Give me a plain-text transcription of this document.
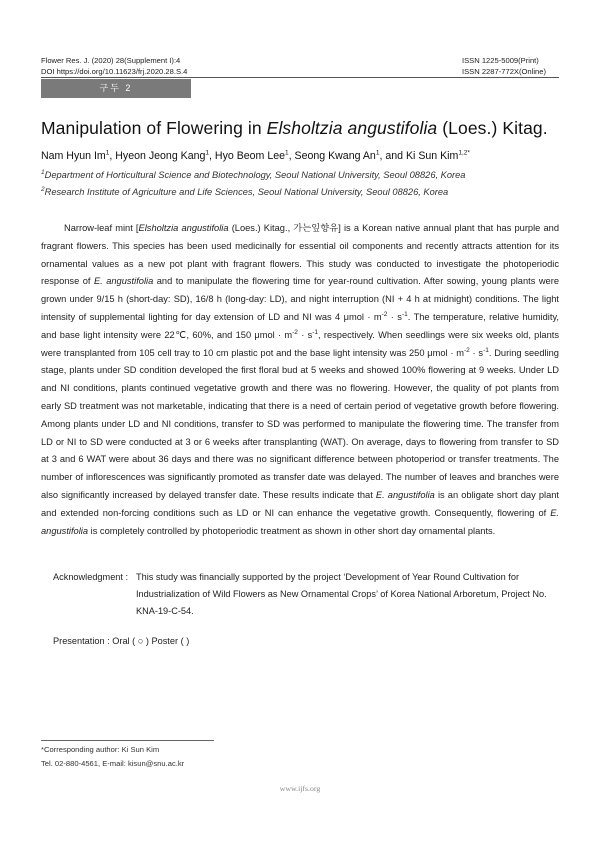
Flower Res. J. (2020) 28(Supplement I):4
DOI https://doi.org/10.11623/frj.2020.28.S.4
ISSN 1225-5009(Print)
ISSN 2287-772X(Online)
구두 2
Manipulation of Flowering in Elsholtzia angustifolia (Loes.) Kitag.
Nam Hyun Im$^1$, Hyeon Jeong Kang$^1$, Hyo Beom Lee$^1$, Seong Kwang An$^1$, and Ki Sun Kim$^{1,2*}$
$^1$Department of Horticultural Science and Biotechnology, Seoul National University, Seoul 08826, Korea
$^2$Research Institute of Agriculture and Life Sciences, Seoul National University, Seoul 08826, Korea
Narrow-leaf mint [Elsholtzia angustifolia (Loes.) Kitag., 가는잎향유] is a Korean native annual plant that has purple and fragrant flowers. This species has been used medicinally for essential oil components and recently attracts attention for its ornamental values as a new pot plant with fragrant flowers. This study was conducted to investigate the photoperiodic response of E. angustifolia and to manipulate the flowering time for year-round cultivation. After sowing, young plants were grown under 9/15 h (short-day: SD), 16/8 h (long-day: LD), and night interruption (NI + 4 h at midnight) conditions. The light intensity of supplemental lighting for day extension of LD and NI was 4 $\mu mol \cdot m^{-2} \cdot s^{-1}$. The temperature, relative humidity, and base light intensity were 22℃, 60%, and 150 $\mu mol \cdot m^{-2} \cdot s^{-1}$, respectively. When seedlings were six weeks old, plants were transplanted from 105 cell tray to 10 cm plastic pot and the base light intensity was 250 $\mu mol \cdot m^{-2} \cdot s^{-1}$. During seedling stage, plants under SD condition developed the first floral bud at 5 weeks and showed 100% flowering at 9 weeks. Under LD and NI conditions, plants continued vegetative growth and there was no flowering. However, the quality of pot plants from early SD treatment was not marketable, indicating that there is a need of certain period of vegetative growth before flowering. Among plants under LD and NI conditions, transfer to SD was performed to manipulate the flowering time. The transfer from LD or NI to SD were conducted at 3 or 6 weeks after transplanting (WAT). On average, days to flowering from transfer to SD at 3 and 6 WAT were about 36 days and there was no significant difference between photoperiod or transfer treatments. The number of inflorescences was significantly promoted as transfer date was delayed. The number of leaves and branches were also significantly increased by delayed transfer date. These results indicate that E. angustifolia is an obligate short day plant and extended non-forcing conditions such as LD or NI can enhance the vegetative growth. Consequently, flowering of E. angustifolia is completely controlled by photoperiodic treatment as shown in other short day ornamental plants.
Acknowledgment : This study was financially supported by the project ‘Development of Year Round Cultivation for Industrialization of Wild Flowers as New Ornamental Crops’ of Korea National Arboretum, Project No. KNA-19-C-54.
Presentation : Oral ( ○ ) Poster ( )
*Corresponding author: Ki Sun Kim
Tel. 02-880-4561, E-mail: kisun@snu.ac.kr
www.ijfs.org
